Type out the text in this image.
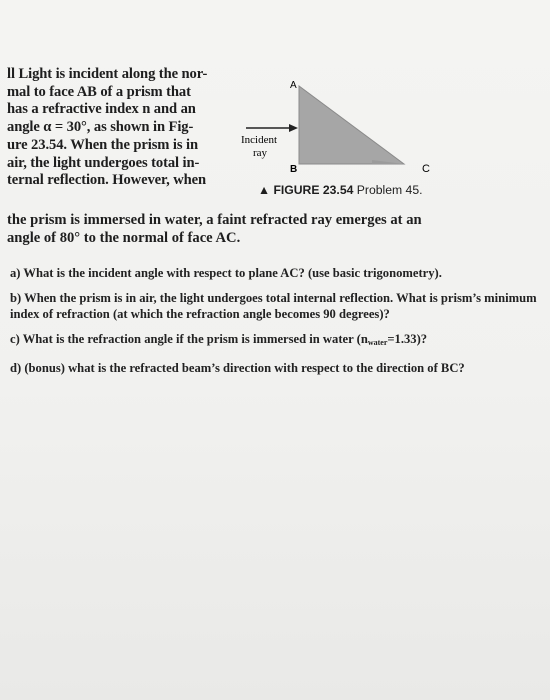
ll Light is incident along the nor-
mal to face AB of a prism that
has a refractive index n and an
angle α = 30°, as shown in Fig-
ure 23.54. When the prism is in
air, the light undergoes total in-
ternal reflection. However, when
A
B	C
Incident
ray
▲ FIGURE 23.54 Problem 45.
the prism is immersed in water, a faint refracted ray emerges at an
angle of 80° to the normal of face AC.
a) What is the incident angle with respect to plane AC? (use basic trigonometry).
b) When the prism is in air, the light undergoes total internal reflection. What is prism’s minimum
index of refraction (at which the refraction angle becomes 90 degrees)?
c) What is the refraction angle if the prism is immersed in water $(n_{water}=1.33)$?
d) (bonus) what is the refracted beam’s direction with respect to the direction of BC?
